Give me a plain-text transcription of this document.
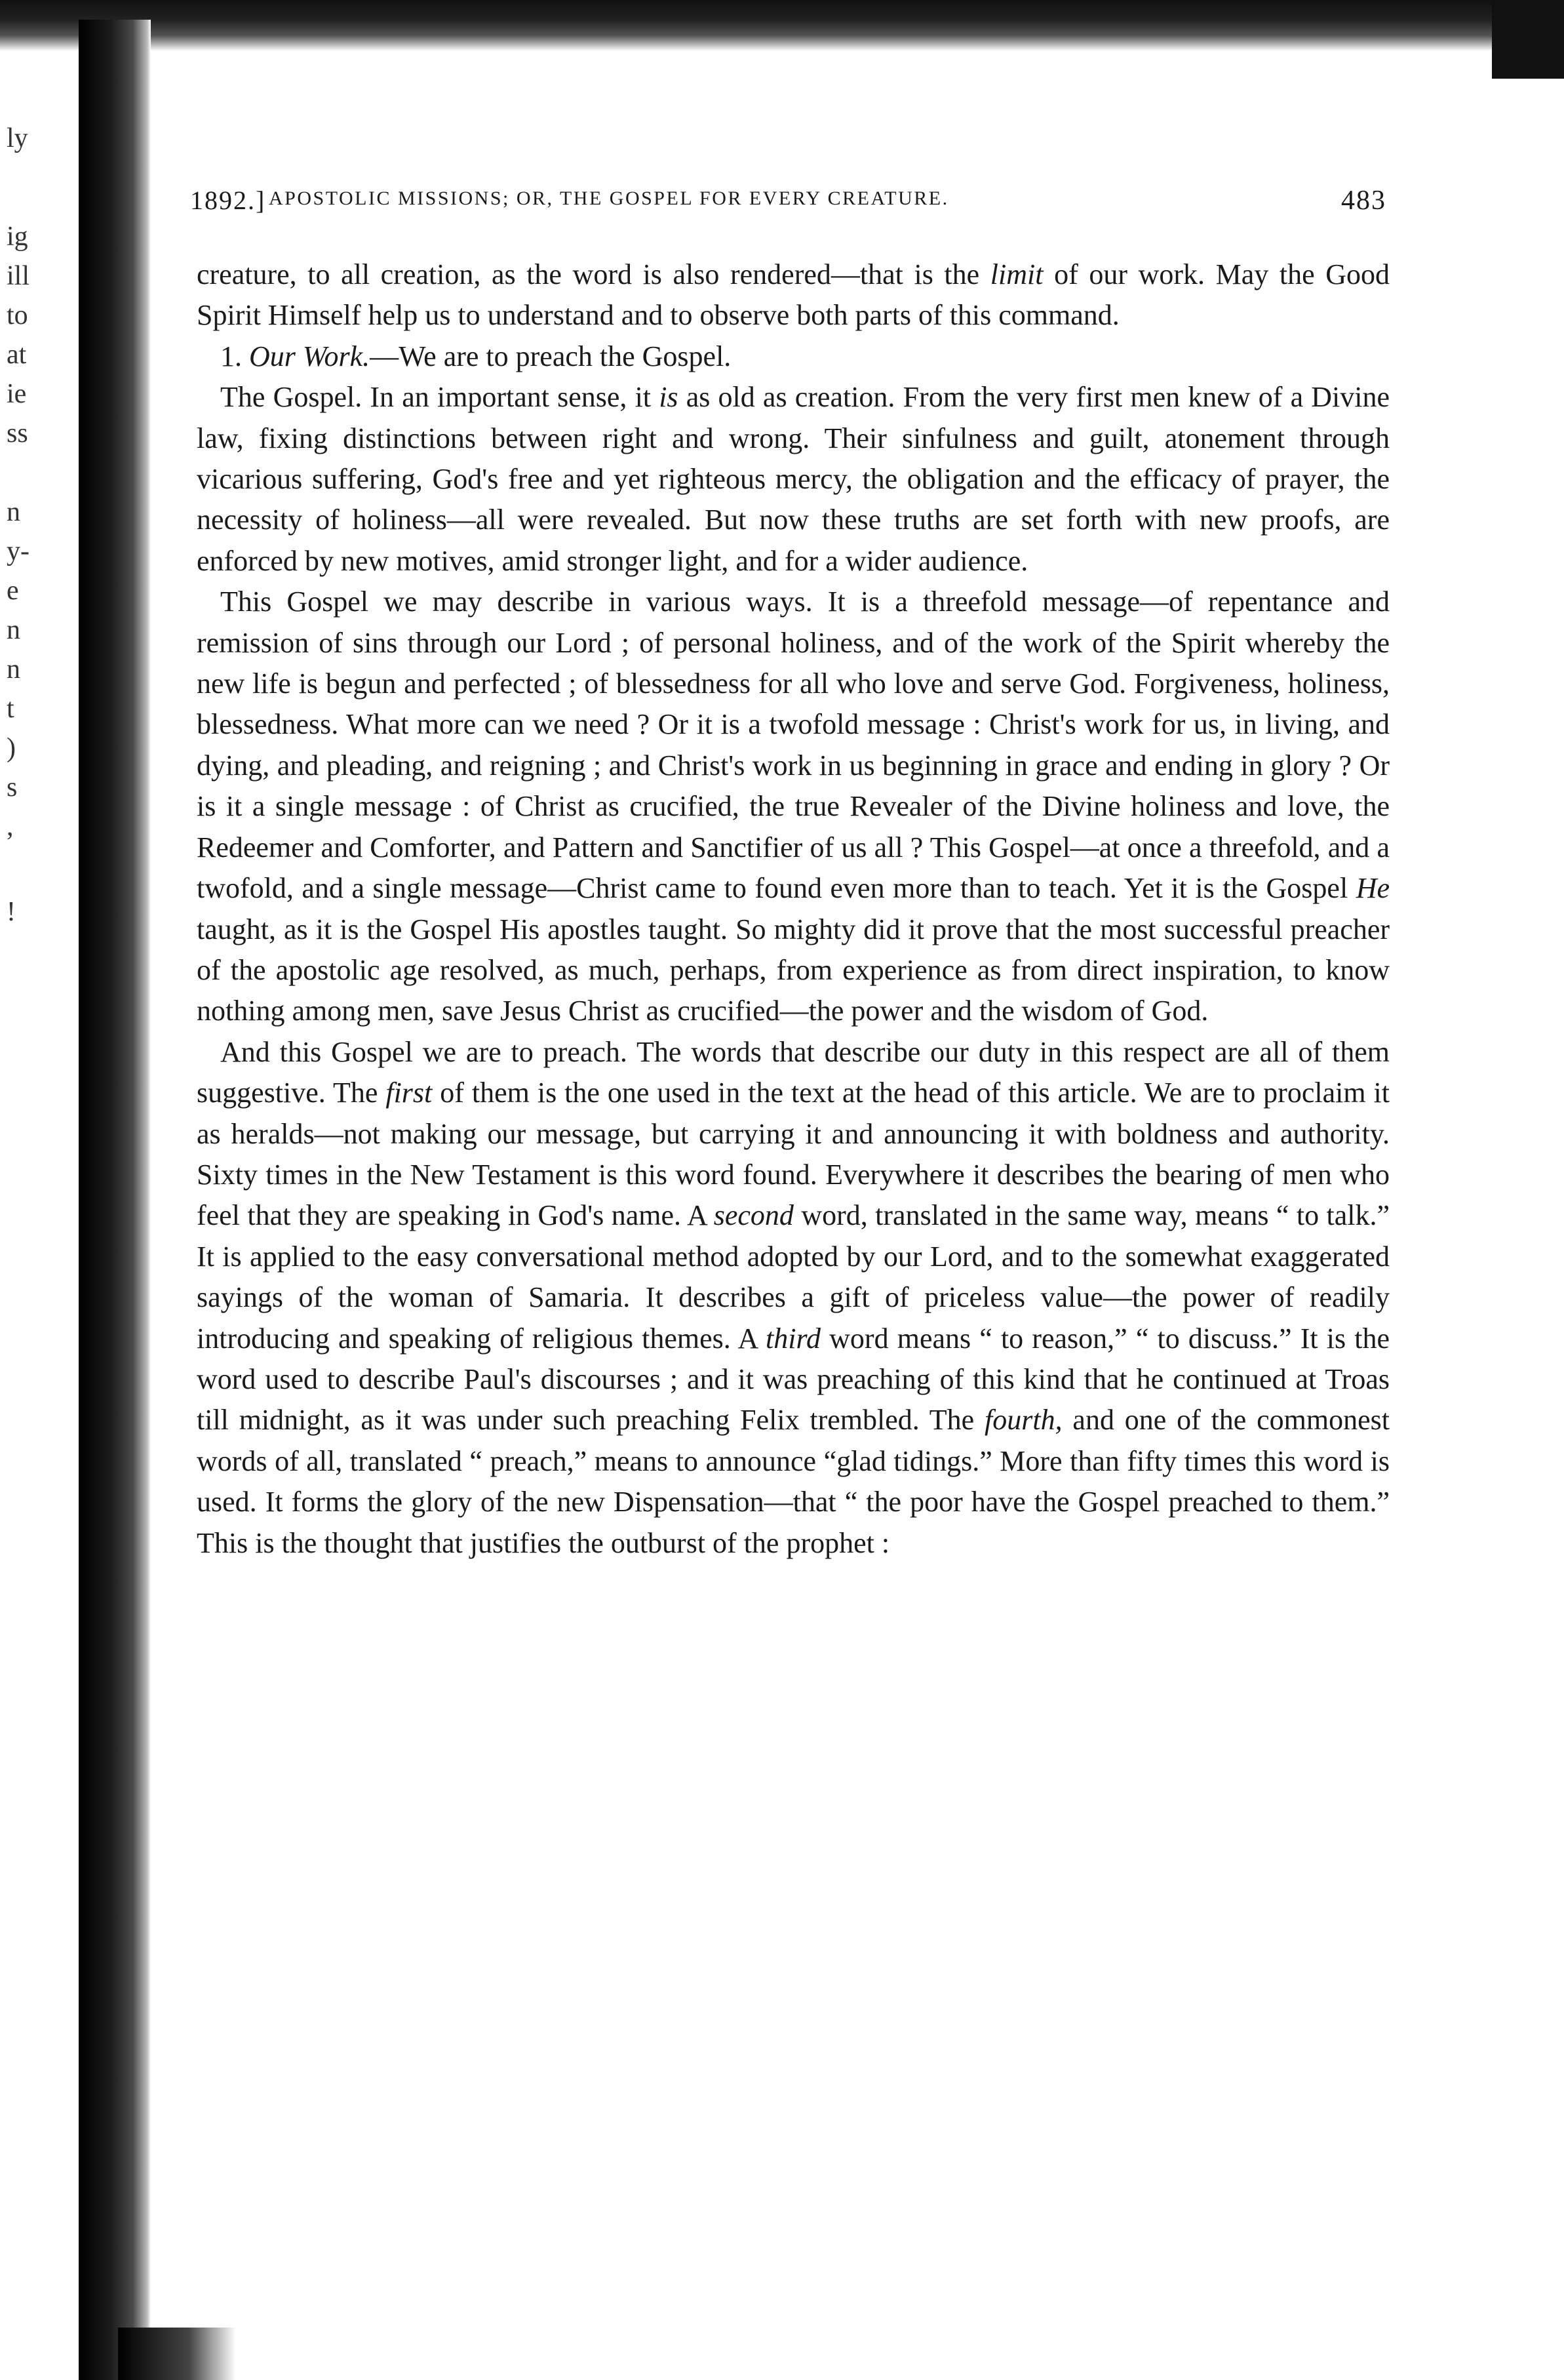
ly
ig
ill
to
at
ie
ss
n
y-
e
n
n
t
)
s
,
!
1892.] APOSTOLIC MISSIONS; OR, THE GOSPEL FOR EVERY CREATURE.	483

creature, to all creation, as the word is also rendered—that is the limit of our work. May the Good Spirit Himself help us to understand and to observe both parts of this command.

1. Our Work.—We are to preach the Gospel.

The Gospel. In an important sense, it is as old as creation. From the very first men knew of a Divine law, fixing distinctions between right and wrong. Their sinfulness and guilt, atonement through vicarious suffering, God's free and yet righteous mercy, the obligation and the efficacy of prayer, the necessity of holiness—all were revealed. But now these truths are set forth with new proofs, are enforced by new motives, amid stronger light, and for a wider audience.

This Gospel we may describe in various ways. It is a threefold message—of repentance and remission of sins through our Lord ; of personal holiness, and of the work of the Spirit whereby the new life is begun and perfected ; of blessedness for all who love and serve God. Forgiveness, holiness, blessedness. What more can we need ? Or it is a twofold message : Christ's work for us, in living, and dying, and pleading, and reigning ; and Christ's work in us beginning in grace and ending in glory ? Or is it a single message : of Christ as crucified, the true Revealer of the Divine holiness and love, the Redeemer and Comforter, and Pattern and Sanctifier of us all ? This Gospel—at once a threefold, and a twofold, and a single message—Christ came to found even more than to teach. Yet it is the Gospel He taught, as it is the Gospel His apostles taught. So mighty did it prove that the most successful preacher of the apostolic age resolved, as much, perhaps, from experience as from direct inspiration, to know nothing among men, save Jesus Christ as crucified—the power and the wisdom of God.

And this Gospel we are to preach. The words that describe our duty in this respect are all of them suggestive. The first of them is the one used in the text at the head of this article. We are to proclaim it as heralds—not making our message, but carrying it and announcing it with boldness and authority. Sixty times in the New Testament is this word found. Everywhere it describes the bearing of men who feel that they are speaking in God's name. A second word, translated in the same way, means “ to talk.” It is applied to the easy conversational method adopted by our Lord, and to the somewhat exaggerated sayings of the woman of Samaria. It describes a gift of priceless value—the power of readily introducing and speaking of religious themes. A third word means “ to reason,” “ to discuss.” It is the word used to describe Paul's discourses ; and it was preaching of this kind that he continued at Troas till midnight, as it was under such preaching Felix trembled. The fourth, and one of the commonest words of all, translated “ preach,” means to announce “glad tidings.” More than fifty times this word is used. It forms the glory of the new Dispensation—that “ the poor have the Gospel preached to them.” This is the thought that justifies the outburst of the prophet :
